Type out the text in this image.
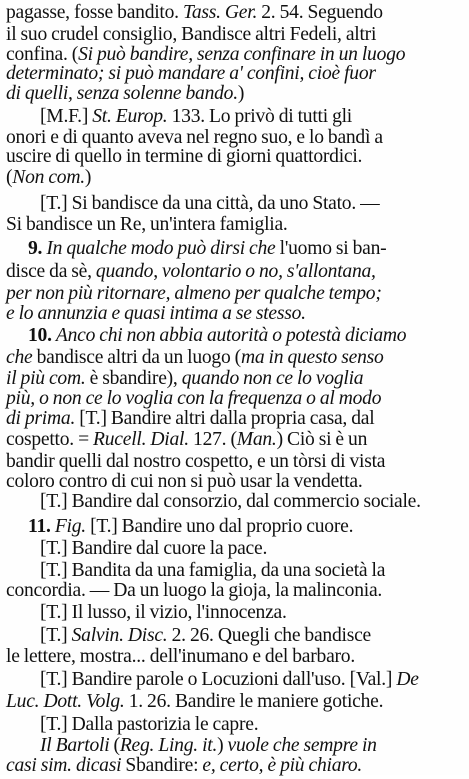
pagasse, fosse bandito. Tass. Ger. 2. 54. Seguendo
il suo crudel consiglio, Bandisce altri Fedeli, altri
confina. (Si può bandire, senza confinare in un luogo
determinato; si può mandare a' confini, cioè fuor
di quelli, senza solenne bando.)
[M.F.] St. Europ. 133. Lo privò di tutti gli
onori e di quanto aveva nel regno suo, e lo bandì a
uscire di quello in termine di giorni quattordici.
(Non com.)
[T.] Si bandisce da una città, da uno Stato. —
Si bandisce un Re, un'intera famiglia.
9. In qualche modo può dirsi che l'uomo si ban-
disce da sè, quando, volontario o no, s'allontana,
per non più ritornare, almeno per qualche tempo;
e lo annunzia e quasi intima a se stesso.
10. Anco chi non abbia autorità o potestà diciamo
che bandisce altri da un luogo (ma in questo senso
il più com. è sbandire), quando non ce lo voglia
più, o non ce lo voglia con la frequenza o al modo
di prima. [T.] Bandire altri dalla propria casa, dal
cospetto. = Rucell. Dial. 127. (Man.) Ciò si è un
bandir quelli dal nostro cospetto, e un tòrsi di vista
coloro contro di cui non si può usar la vendetta.
[T.] Bandire dal consorzio, dal commercio sociale.
11. Fig. [T.] Bandire uno dal proprio cuore.
[T.] Bandire dal cuore la pace.
[T.] Bandita da una famiglia, da una società la
concordia. — Da un luogo la gioja, la malinconia.
[T.] Il lusso, il vizio, l'innocenza.
[T.] Salvin. Disc. 2. 26. Quegli che bandisce
le lettere, mostra... dell'inumano e del barbaro.
[T.] Bandire parole o Locuzioni dall'uso. [Val.] De
Luc. Dott. Volg. 1. 26. Bandire le maniere gotiche.
[T.] Dalla pastorizia le capre.
Il Bartoli (Reg. Ling. it.) vuole che sempre in
casi sim. dicasi Sbandire: e, certo, è più chiaro.
